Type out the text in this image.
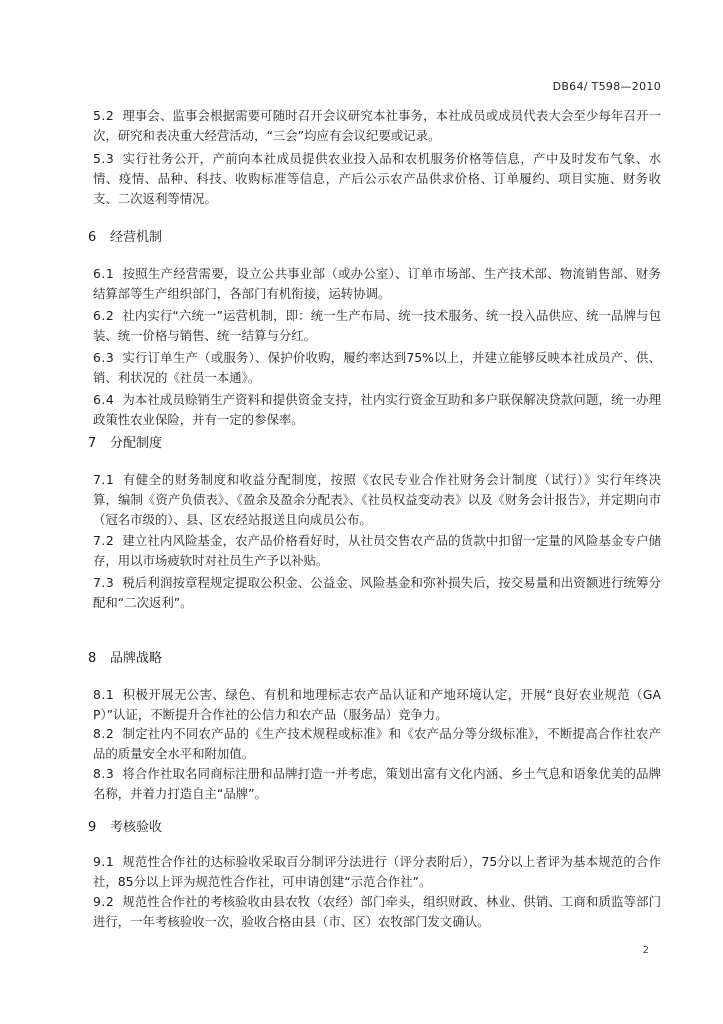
DB64/ T598—2010
5.2 理事会、监事会根据需要可随时召开会议研究本社事务，本社成员或成员代表大会至少每年召开一次，研究和表决重大经营活动，“三会”均应有会议纪要或记录。
5.3 实行社务公开，产前向本社成员提供农业投入品和农机服务价格等信息，产中及时发布气象、水情、疫情、品种、科技、收购标准等信息，产后公示农产品供求价格、订单履约、项目实施、财务收支、二次返利等情况。
6 经营机制
6.1 按照生产经营需要，设立公共事业部（或办公室）、订单市场部、生产技术部、物流销售部、财务结算部等生产组织部门，各部门有机衔接，运转协调。
6.2 社内实行“六统一”运营机制，即：统一生产布局、统一技术服务、统一投入品供应、统一品牌与包装、统一价格与销售、统一结算与分红。
6.3 实行订单生产（或服务）、保护价收购，履约率达到75%以上，并建立能够反映本社成员产、供、销、利状况的《社员一本通》。
6.4 为本社成员赊销生产资料和提供资金支持，社内实行资金互助和多户联保解决贷款问题，统一办理政策性农业保险，并有一定的参保率。
7 分配制度
7.1 有健全的财务制度和收益分配制度，按照《农民专业合作社财务会计制度（试行）》实行年终决算，编制《资产负债表》、《盈余及盈余分配表》、《社员权益变动表》以及《财务会计报告》，并定期向市（冠名市级的）、县、区农经站报送且向成员公布。
7.2 建立社内风险基金，农产品价格看好时，从社员交售农产品的货款中扣留一定量的风险基金专户储存，用以市场疲软时对社员生产予以补贴。
7.3 税后利润按章程规定提取公积金、公益金、风险基金和弥补损失后，按交易量和出资额进行统筹分配和“二次返利”。
8 品牌战略
8.1 积极开展无公害、绿色、有机和地理标志农产品认证和产地环境认定，开展“良好农业规范（GAP）”认证，不断提升合作社的公信力和农产品（服务品）竞争力。
8.2 制定社内不同农产品的《生产技术规程或标准》和《农产品分等分级标准》，不断提高合作社农产品的质量安全水平和附加值。
8.3 将合作社取名同商标注册和品牌打造一并考虑，策划出富有文化内涵、乡土气息和语象优美的品牌名称，并着力打造自主“品牌”。
9 考核验收
9.1 规范性合作社的达标验收采取百分制评分法进行（评分表附后），75分以上者评为基本规范的合作社，85分以上评为规范性合作社，可申请创建“示范合作社”。
9.2 规范性合作社的考核验收由县农牧（农经）部门牵头，组织财政、林业、供销、工商和质监等部门进行，一年考核验收一次，验收合格由县（市、区）农牧部门发文确认。
2
